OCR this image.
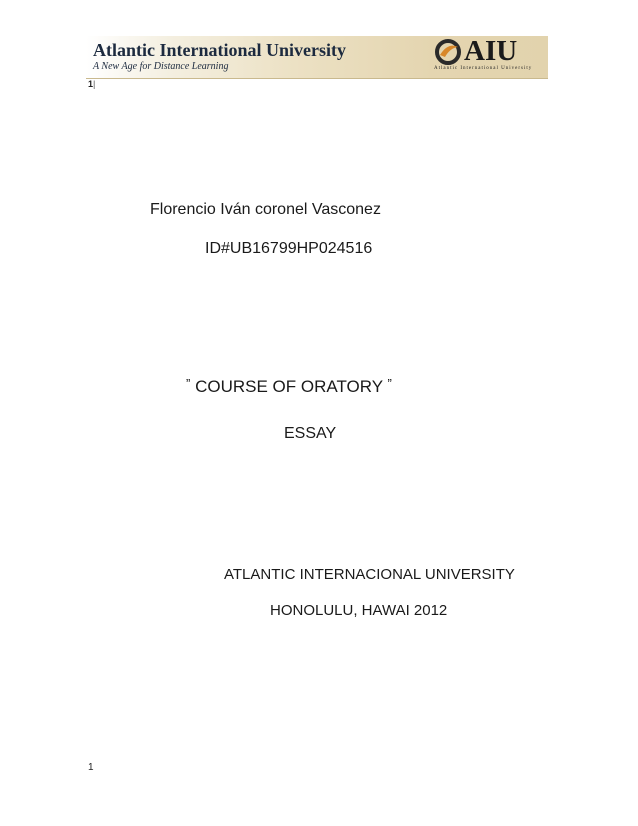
Atlantic International University
A New Age for Distance Learning	AIU
Atlantic International University
1|
Florencio Iván coronel Vasconez
ID#UB16799HP024516
” COURSE OF ORATORY ”
ESSAY
ATLANTIC INTERNACIONAL UNIVERSITY
HONOLULU, HAWAI 2012
1
